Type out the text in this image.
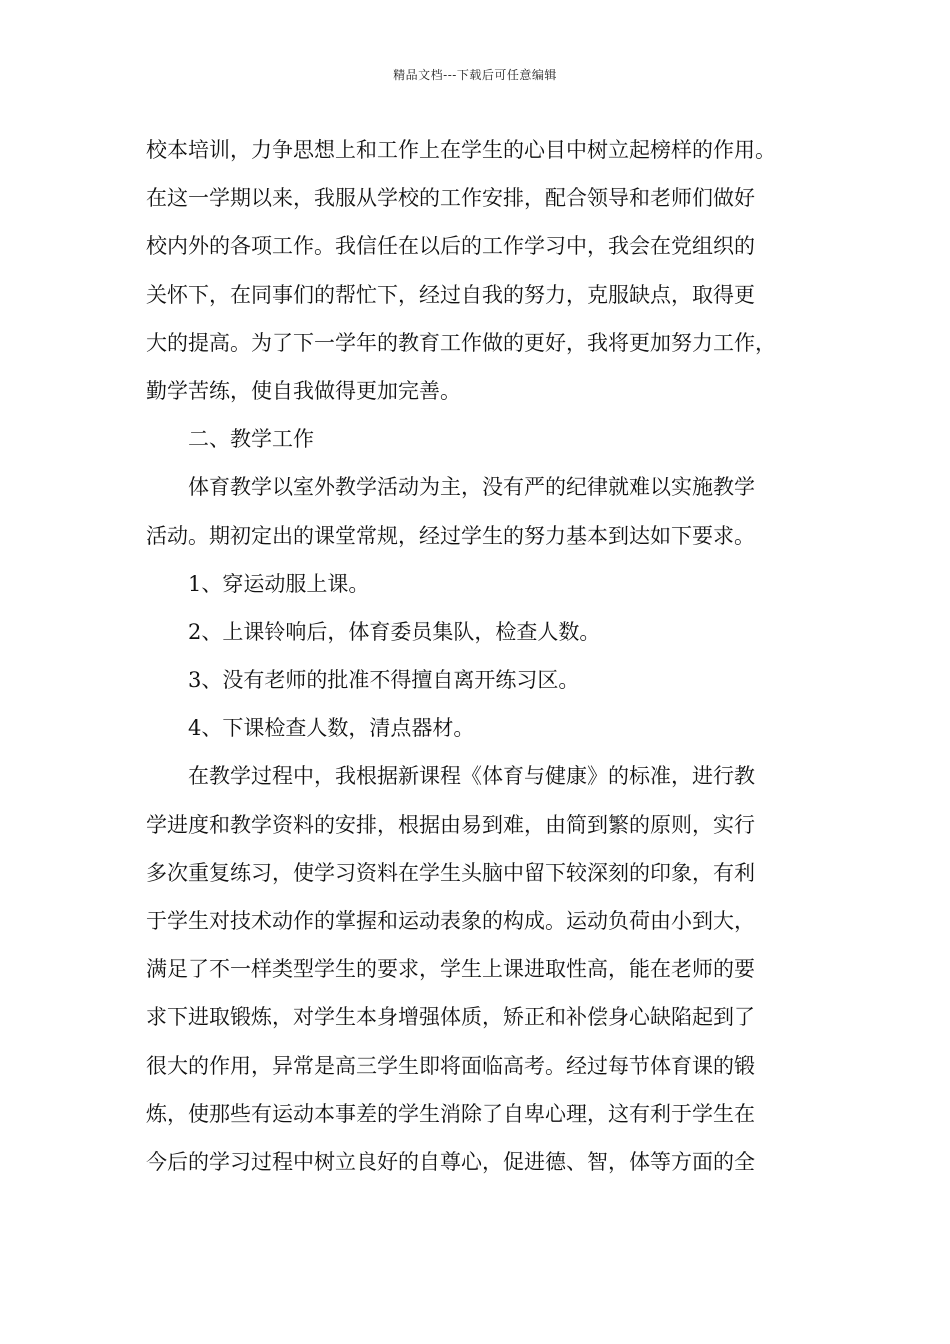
精品文档---下载后可任意编辑
校本培训，力争思想上和工作上在学生的心目中树立起榜样的作用。
在这一学期以来，我服从学校的工作安排，配合领导和老师们做好
校内外的各项工作。我信任在以后的工作学习中，我会在党组织的
关怀下，在同事们的帮忙下，经过自我的努力，克服缺点，取得更
大的提高。为了下一学年的教育工作做的更好，我将更加努力工作，
勤学苦练，使自我做得更加完善。
二、教学工作
体育教学以室外教学活动为主，没有严的纪律就难以实施教学
活动。期初定出的课堂常规，经过学生的努力基本到达如下要求。
1、穿运动服上课。
2、上课铃响后，体育委员集队，检查人数。
3、没有老师的批准不得擅自离开练习区。
4、下课检查人数，清点器材。
在教学过程中，我根据新课程《体育与健康》的标准，进行教
学进度和教学资料的安排，根据由易到难，由简到繁的原则，实行
多次重复练习，使学习资料在学生头脑中留下较深刻的印象，有利
于学生对技术动作的掌握和运动表象的构成。运动负荷由小到大，
满足了不一样类型学生的要求，学生上课进取性高，能在老师的要
求下进取锻炼，对学生本身增强体质，矫正和补偿身心缺陷起到了
很大的作用，异常是高三学生即将面临高考。经过每节体育课的锻
炼，使那些有运动本事差的学生消除了自卑心理，这有利于学生在
今后的学习过程中树立良好的自尊心，促进德、智，体等方面的全
